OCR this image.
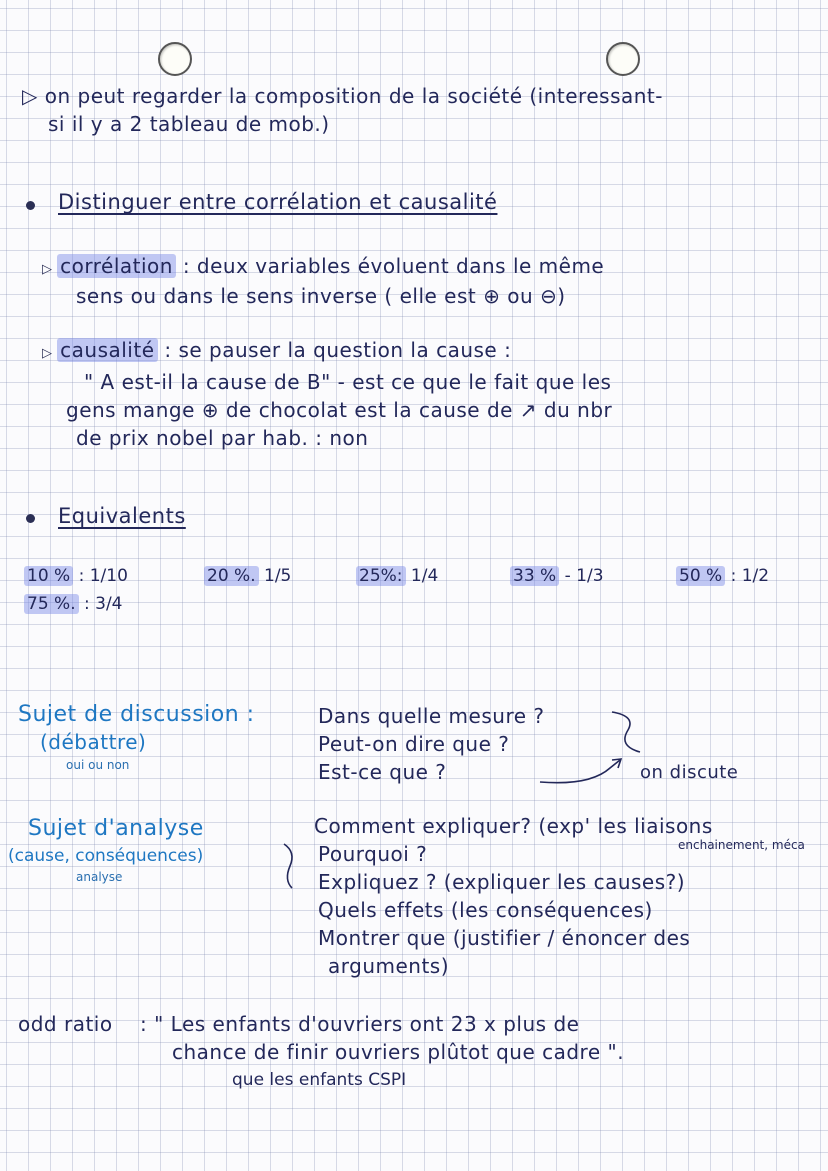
▷ on peut regarder la composition de la société (interessant-
si il y a 2 tableau de mob.)
Distinguer entre corrélation et causalité
▷ corrélation : deux variables évoluent dans le même
sens ou dans le sens inverse ( elle est ⊕ ou ⊖)
▷ causalité : se pauser la question la cause :
" A est-il la cause de B" - est ce que le fait que les
gens mange ⊕ de chocolat est la cause de ↗ du nbr
de prix nobel par hab. : non
Equivalents
10 % : 1/10	20 %. 1/5	25%: 1/4	33 % - 1/3	50 % : 1/2
75 %. : 3/4
Sujet de discussion :
(débattre)
oui ou non
Dans quelle mesure ?
Peut-on dire que ?
Est-ce que ?	on discute
Sujet d'analyse
(cause, conséquences)
analyse
Comment expliquer? (exp' les liaisons
enchainement, méca
Pourquoi ?
Expliquez ? (expliquer les causes?)
Quels effets (les conséquences)
Montrer que (justifier / énoncer des
arguments)
odd ratio : " Les enfants d'ouvriers ont 23 x plus de
chance de finir ouvriers plûtot que cadre ".
que les enfants CSPI
